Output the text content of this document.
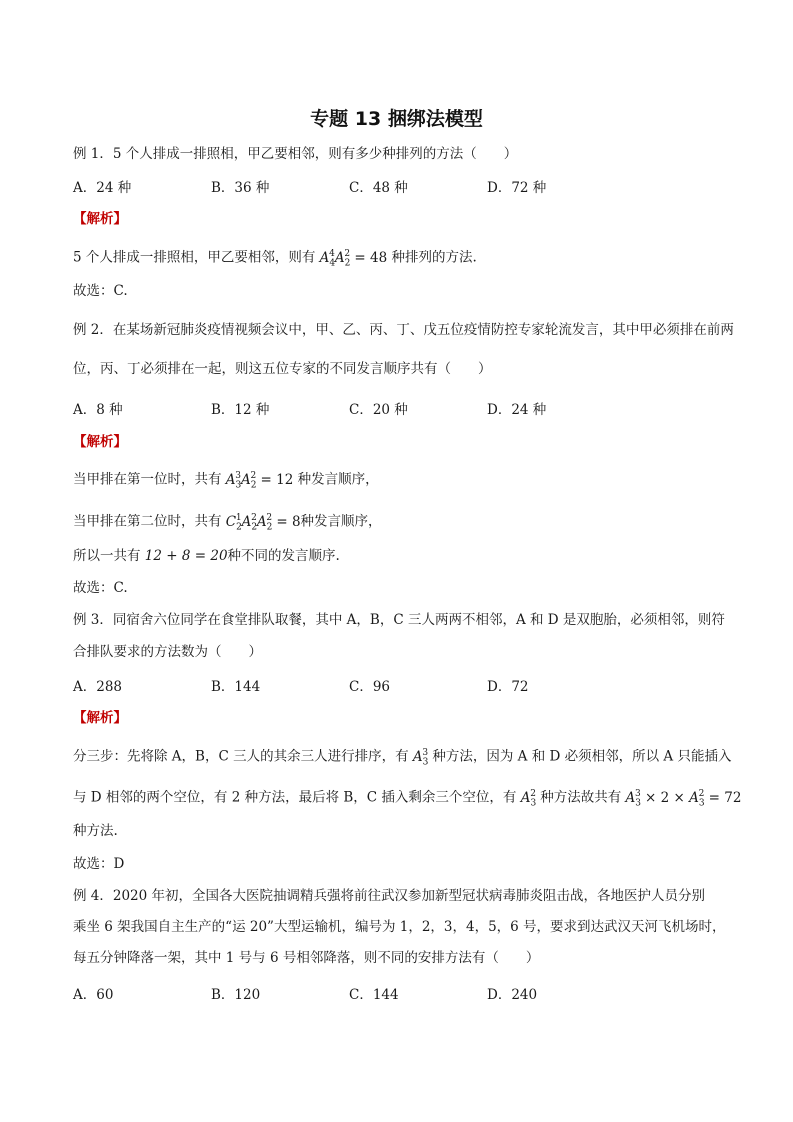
专题 13 捆绑法模型
例 1．5 个人排成一排照相，甲乙要相邻，则有多少种排列的方法（　　）
A．24 种	B．36 种	C．48 种	D．72 种
【解析】
5 个人排成一排照相，甲乙要相邻，则有 $A_4^4A_2^2 = 48$ 种排列的方法.
故选：C.
例 2．在某场新冠肺炎疫情视频会议中，甲、乙、丙、丁、戊五位疫情防控专家轮流发言，其中甲必须排在前两
位，丙、丁必须排在一起，则这五位专家的不同发言顺序共有（　　）
A．8 种	B．12 种	C．20 种	D．24 种
【解析】
当甲排在第一位时，共有 $A_3^3A_2^2 = 12$ 种发言顺序，
当甲排在第二位时，共有 $C_2^1A_2^2A_2^2 = 8$种发言顺序，
所以一共有 12 + 8 = 20种不同的发言顺序.
故选：C.
例 3．同宿舍六位同学在食堂排队取餐，其中 A，B，C 三人两两不相邻，A 和 D 是双胞胎，必须相邻，则符
合排队要求的方法数为（　　）
A．288	B．144	C．96	D．72
【解析】
分三步：先将除 A，B，C 三人的其余三人进行排序，有 $A_3^3$ 种方法，因为 A 和 D 必须相邻，所以 A 只能插入
与 D 相邻的两个空位，有 2 种方法，最后将 B，C 插入剩余三个空位，有 $A_3^2$ 种方法故共有 $A_3^3 \times 2 \times A_3^2 = 72$
种方法.
故选：D
例 4．2020 年初，全国各大医院抽调精兵强将前往武汉参加新型冠状病毒肺炎阻击战，各地医护人员分别
乘坐 6 架我国自主生产的“运 20”大型运输机，编号为 1，2，3，4，5，6 号，要求到达武汉天河飞机场时，
每五分钟降落一架，其中 1 号与 6 号相邻降落，则不同的安排方法有（　　）
A．60	B．120	C．144	D．240
